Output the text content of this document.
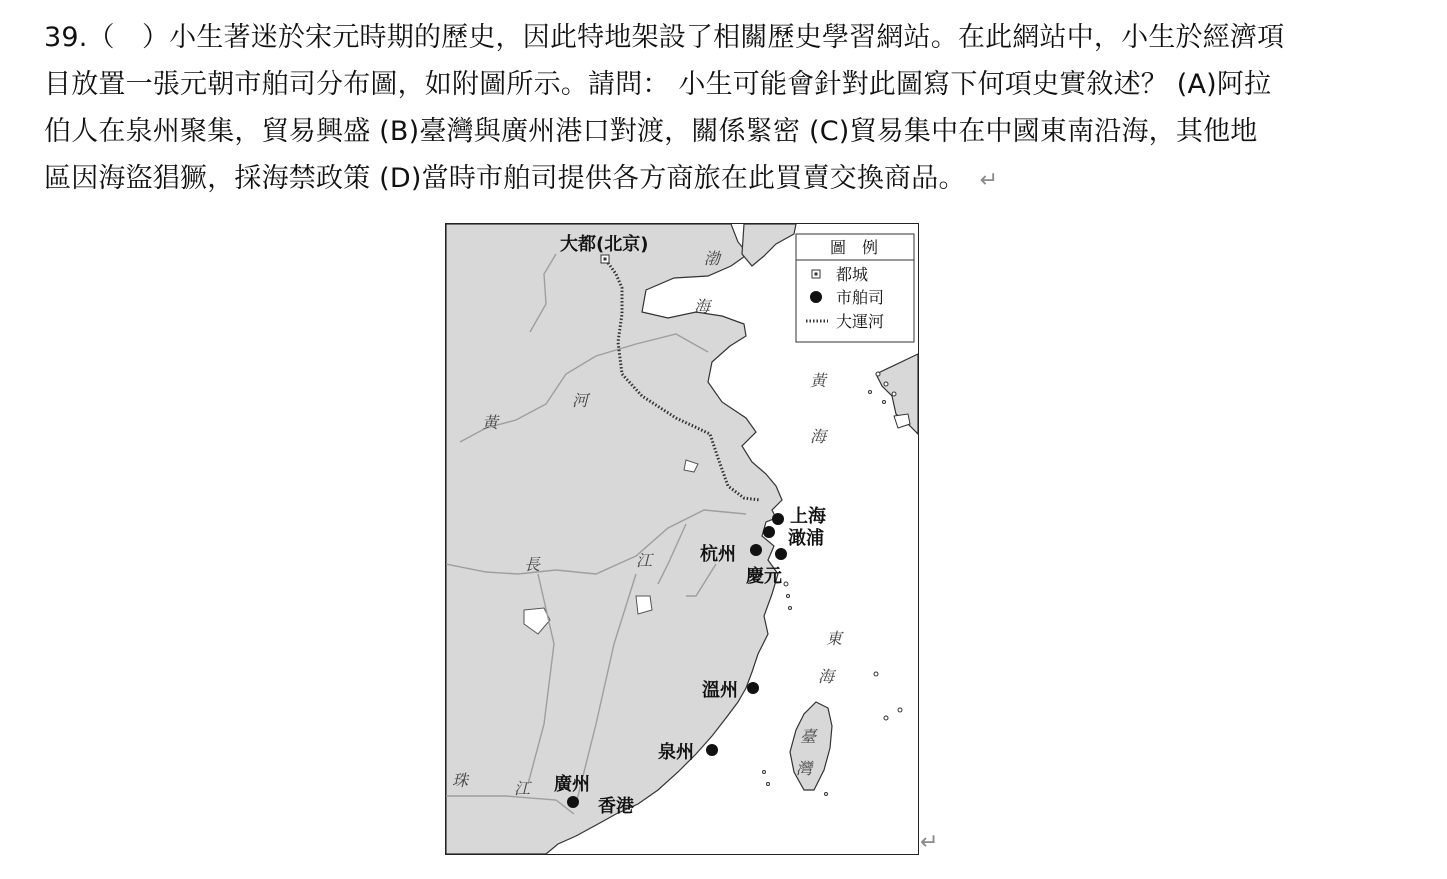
39.（　）小生著迷於宋元時期的歷史，因此特地架設了相關歷史學習網站。在此網站中，小生於經濟項
目放置一張元朝市舶司分布圖，如附圖所示。請問： 小生可能會針對此圖寫下何項史實敘述？ (A)阿拉
伯人在泉州聚集，貿易興盛 (B)臺灣與廣州港口對渡，關係緊密 (C)貿易集中在中國東南沿海，其他地
區因海盜猖獗，採海禁政策 (D)當時市舶司提供各方商旅在此買賣交換商品。 ↵
大都(北京)
上海
澉浦
杭州
慶元
溫州
泉州
廣州
香港
渤
海
黃
海
東
海
黃
河
長	江
珠	江
臺
灣
圖　例
都城
市舶司
大運河
↵
